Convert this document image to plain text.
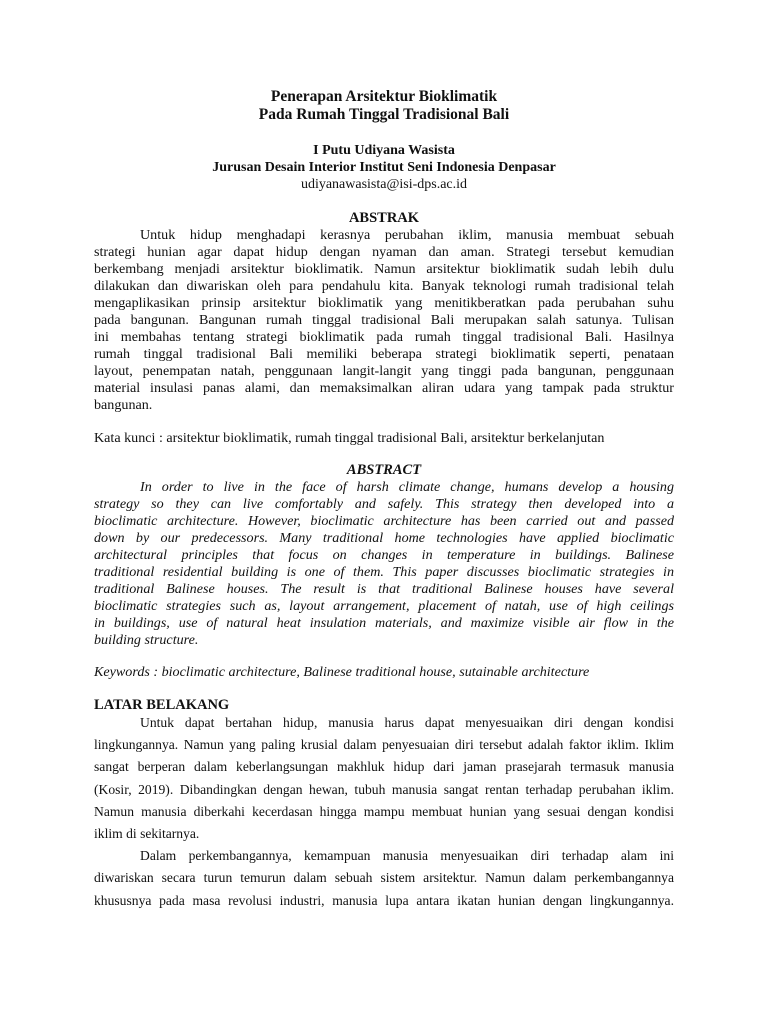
Penerapan Arsitektur Bioklimatik
Pada Rumah Tinggal Tradisional Bali
I Putu Udiyana Wasista
Jurusan Desain Interior Institut Seni Indonesia Denpasar
udiyanawasista@isi-dps.ac.id
ABSTRAK
Untuk hidup menghadapi kerasnya perubahan iklim, manusia membuat sebuah
strategi hunian agar dapat hidup dengan nyaman dan aman. Strategi tersebut kemudian
berkembang menjadi arsitektur bioklimatik. Namun arsitektur bioklimatik sudah lebih dulu
dilakukan dan diwariskan oleh para pendahulu kita. Banyak teknologi rumah tradisional telah
mengaplikasikan prinsip arsitektur bioklimatik yang menitikberatkan pada perubahan suhu
pada bangunan. Bangunan rumah tinggal tradisional Bali merupakan salah satunya. Tulisan
ini membahas tentang strategi bioklimatik pada rumah tinggal tradisional Bali. Hasilnya
rumah tinggal tradisional Bali memiliki beberapa strategi bioklimatik seperti, penataan
layout, penempatan natah, penggunaan langit-langit yang tinggi pada bangunan, penggunaan
material insulasi panas alami, dan memaksimalkan aliran udara yang tampak pada struktur
bangunan.
Kata kunci : arsitektur bioklimatik, rumah tinggal tradisional Bali, arsitektur berkelanjutan
ABSTRACT
In order to live in the face of harsh climate change, humans develop a housing
strategy so they can live comfortably and safely. This strategy then developed into a
bioclimatic architecture. However, bioclimatic architecture has been carried out and passed
down by our predecessors. Many traditional home technologies have applied bioclimatic
architectural principles that focus on changes in temperature in buildings. Balinese
traditional residential building is one of them. This paper discusses bioclimatic strategies in
traditional Balinese houses. The result is that traditional Balinese houses have several
bioclimatic strategies such as, layout arrangement, placement of natah, use of high ceilings
in buildings, use of natural heat insulation materials, and maximize visible air flow in the
building structure.
Keywords : bioclimatic architecture, Balinese traditional house, sutainable architecture
LATAR BELAKANG
Untuk dapat bertahan hidup, manusia harus dapat menyesuaikan diri dengan kondisi
lingkungannya. Namun yang paling krusial dalam penyesuaian diri tersebut adalah faktor iklim. Iklim
sangat berperan dalam keberlangsungan makhluk hidup dari jaman prasejarah termasuk manusia
(Kosir, 2019). Dibandingkan dengan hewan, tubuh manusia sangat rentan terhadap perubahan iklim.
Namun manusia diberkahi kecerdasan hingga mampu membuat hunian yang sesuai dengan kondisi
iklim di sekitarnya.
Dalam perkembangannya, kemampuan manusia menyesuaikan diri terhadap alam ini
diwariskan secara turun temurun dalam sebuah sistem arsitektur. Namun dalam perkembangannya
khususnya pada masa revolusi industri, manusia lupa antara ikatan hunian dengan lingkungannya.
